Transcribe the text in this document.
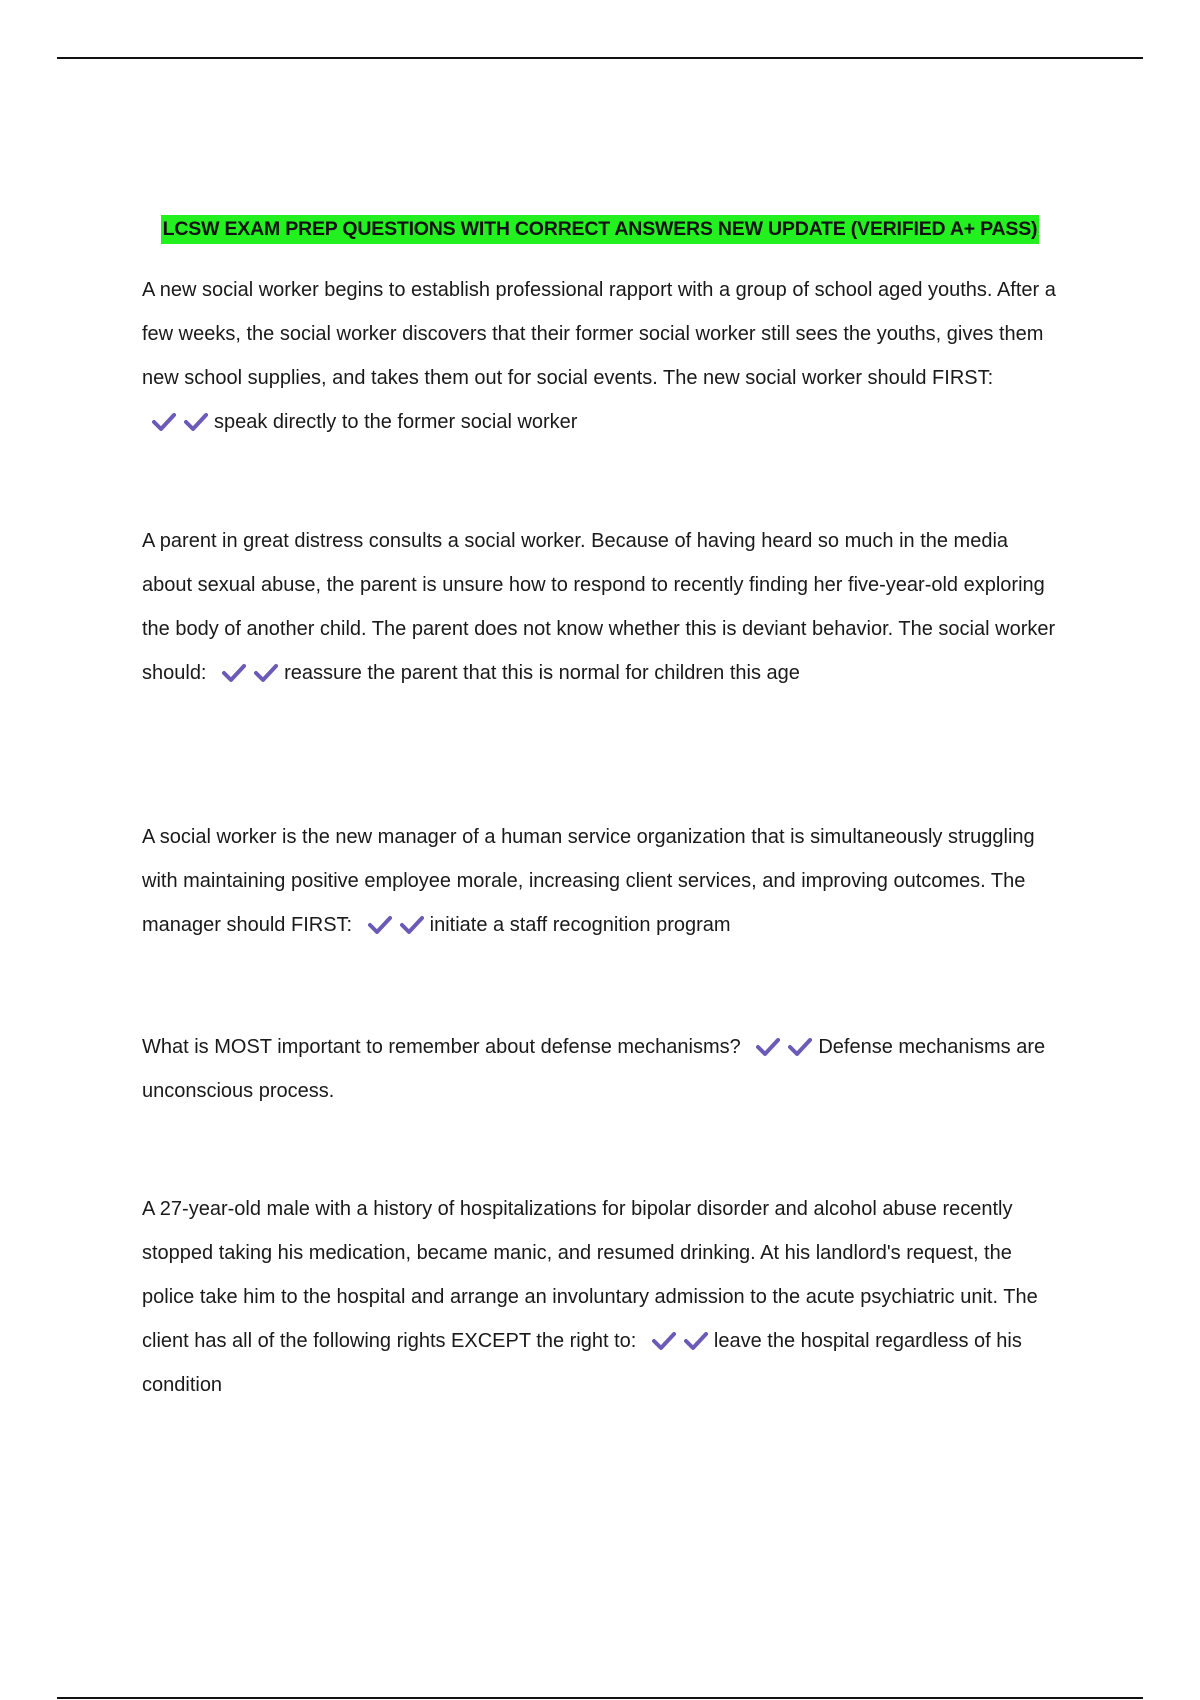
LCSW EXAM PREP QUESTIONS WITH CORRECT ANSWERS NEW UPDATE (VERIFIED A+ PASS)

A new social worker begins to establish professional rapport with a group of school aged youths. After a few weeks, the social worker discovers that their former social worker still sees the youths, gives them new school supplies, and takes them out for social events. The new social worker should FIRST:
speak directly to the former social worker

A parent in great distress consults a social worker. Because of having heard so much in the media about sexual abuse, the parent is unsure how to respond to recently finding her five-year-old exploring the body of another child. The parent does not know whether this is deviant behavior. The social worker should:	reassure the parent that this is normal for children this age

A social worker is the new manager of a human service organization that is simultaneously struggling with maintaining positive employee morale, increasing client services, and improving outcomes. The manager should FIRST:	initiate a staff recognition program

What is MOST important to remember about defense mechanisms?	Defense mechanisms are unconscious process.

A 27-year-old male with a history of hospitalizations for bipolar disorder and alcohol abuse recently stopped taking his medication, became manic, and resumed drinking. At his landlord's request, the police take him to the hospital and arrange an involuntary admission to the acute psychiatric unit. The client has all of the following rights EXCEPT the right to:	leave the hospital regardless of his condition
